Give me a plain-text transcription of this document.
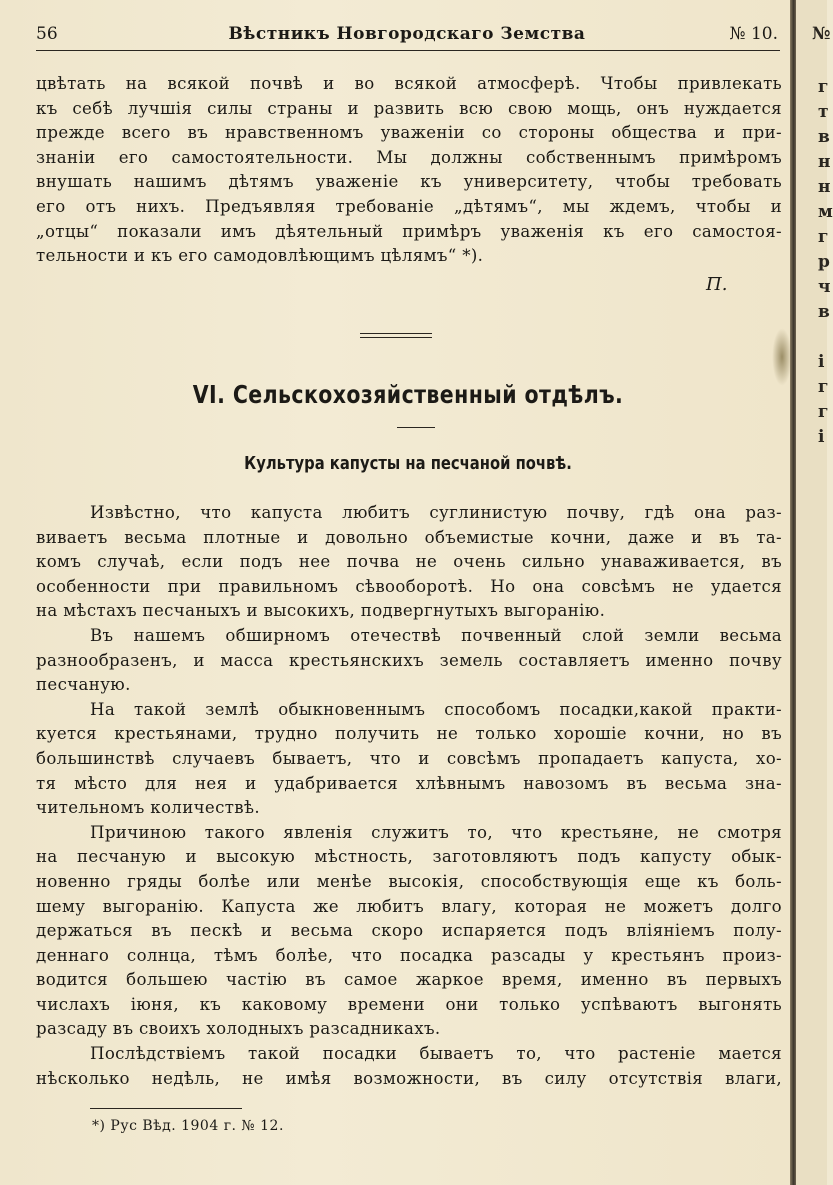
56	Вѣстникъ Новгородскаго Земства	№ 10.
цвѣтать на всякой почвѣ и во всякой атмосферѣ. Чтобы привлекать
къ себѣ лучшія силы страны и развить всю свою мощь, онъ нуждается
прежде всего въ нравственномъ уваженіи со стороны общества и при-
знаніи его самостоятельности. Мы должны собственнымъ примѣромъ
внушать нашимъ дѣтямъ уваженіе къ университету, чтобы требовать
его отъ нихъ. Предъявляя требованіе „дѣтямъ“, мы ждемъ, чтобы и
„отцы“ показали имъ дѣятельный примѣръ уваженія къ его самостоя-
тельности и къ его самодовлѣющимъ цѣлямъ“ *).
П.
VI. Сельскохозяйственный отдѣлъ.
Культура капусты на песчаной почвѣ.
Извѣстно, что капуста любитъ суглинистую почву, гдѣ она раз-
виваетъ весьма плотные и довольно объемистые кочни, даже и въ та-
комъ случаѣ, если подъ нее почва не очень сильно унаваживается, въ
особенности при правильномъ сѣвооборотѣ. Но она совсѣмъ не удается
на мѣстахъ песчаныхъ и высокихъ, подвергнутыхъ выгоранію.
Въ нашемъ обширномъ отечествѣ почвенный слой земли весьма
разнообразенъ, и масса крестьянскихъ земель составляетъ именно почву
песчаную.
На такой землѣ обыкновеннымъ способомъ посадки,какой практи-
куется крестьянами, трудно получить не только хорошіе кочни, но въ
большинствѣ случаевъ бываетъ, что и совсѣмъ пропадаетъ капуста, хо-
тя мѣсто для нея и удабривается хлѣвнымъ навозомъ въ весьма зна-
чительномъ количествѣ.
Причиною такого явленія служитъ то, что крестьяне, не смотря
на песчаную и высокую мѣстность, заготовляютъ подъ капусту обык-
новенно гряды болѣе или менѣе высокія, способствующія еще къ боль-
шему выгоранію. Капуста же любитъ влагу, которая не можетъ долго
держаться въ пескѣ и весьма скоро испаряется подъ вліяніемъ полу-
деннаго солнца, тѣмъ болѣе, что посадка разсады у крестьянъ произ-
водится большею частію въ самое жаркое время, именно въ первыхъ
числахъ іюня, къ каковому времени они только успѣваютъ выгонять
разсаду въ своихъ холодныхъ разсадникахъ.
Послѣдствіемъ такой посадки бываетъ то, что растеніе мается
нѣсколько недѣль, не имѣя возможности, въ силу отсутствія влаги,
*) Рус Вѣд. 1904 г. № 12.
№
г
т
в
н
н
м
г
р
ч
в
і
г
г
і
